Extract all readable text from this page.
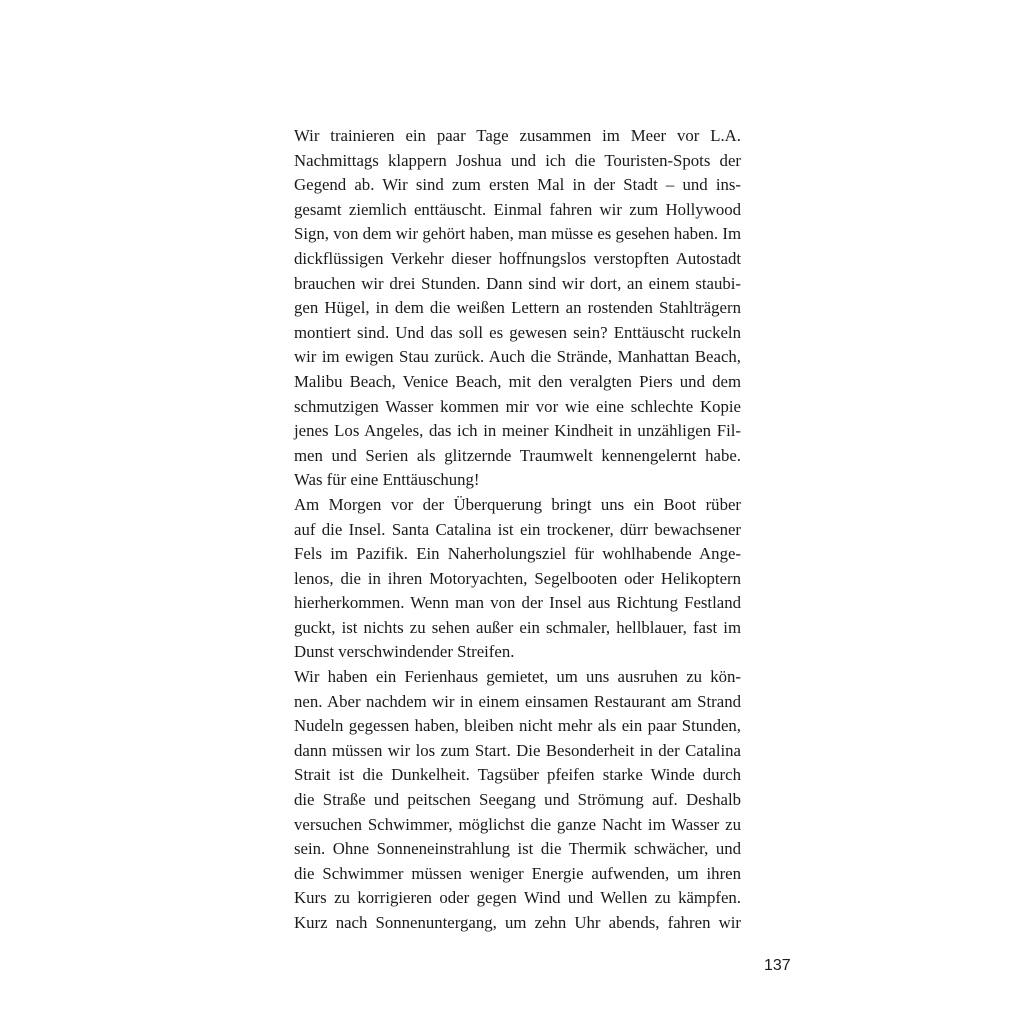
Wir trainieren ein paar Tage zusammen im Meer vor L.A.
Nachmittags klappern Joshua und ich die Touristen-Spots der
Gegend ab. Wir sind zum ersten Mal in der Stadt – und ins-
gesamt ziemlich enttäuscht. Einmal fahren wir zum Hollywood
Sign, von dem wir gehört haben, man müsse es gesehen haben. Im
dickflüssigen Verkehr dieser hoffnungslos verstopften Autostadt
brauchen wir drei Stunden. Dann sind wir dort, an einem staubi-
gen Hügel, in dem die weißen Lettern an rostenden Stahlträgern
montiert sind. Und das soll es gewesen sein? Enttäuscht ruckeln
wir im ewigen Stau zurück. Auch die Strände, Manhattan Beach,
Malibu Beach, Venice Beach, mit den veralgten Piers und dem
schmutzigen Wasser kommen mir vor wie eine schlechte Kopie
jenes Los Angeles, das ich in meiner Kindheit in unzähligen Fil-
men und Serien als glitzernde Traumwelt kennengelernt habe.
Was für eine Enttäuschung!

Am Morgen vor der Überquerung bringt uns ein Boot rüber
auf die Insel. Santa Catalina ist ein trockener, dürr bewachsener
Fels im Pazifik. Ein Naherholungsziel für wohlhabende Ange-
lenos, die in ihren Motoryachten, Segelbooten oder Helikoptern
hierherkommen. Wenn man von der Insel aus Richtung Festland
guckt, ist nichts zu sehen außer ein schmaler, hellblauer, fast im
Dunst verschwindender Streifen.

Wir haben ein Ferienhaus gemietet, um uns ausruhen zu kön-
nen. Aber nachdem wir in einem einsamen Restaurant am Strand
Nudeln gegessen haben, bleiben nicht mehr als ein paar Stunden,
dann müssen wir los zum Start. Die Besonderheit in der Catalina
Strait ist die Dunkelheit. Tagsüber pfeifen starke Winde durch
die Straße und peitschen Seegang und Strömung auf. Deshalb
versuchen Schwimmer, möglichst die ganze Nacht im Wasser zu
sein. Ohne Sonneneinstrahlung ist die Thermik schwächer, und
die Schwimmer müssen weniger Energie aufwenden, um ihren
Kurs zu korrigieren oder gegen Wind und Wellen zu kämpfen.
Kurz nach Sonnenuntergang, um zehn Uhr abends, fahren wir

137
